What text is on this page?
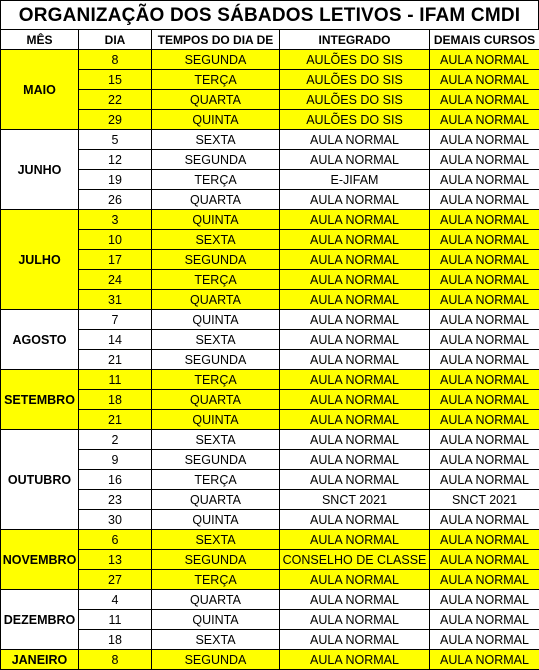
ORGANIZAÇÃO DOS SÁBADOS LETIVOS - IFAM CMDI
MÊS	DIA	TEMPOS DO DIA DE	INTEGRADO	DEMAIS CURSOS
MAIO	8	SEGUNDA	AULÕES DO SIS	AULA NORMAL
	15	TERÇA	AULÕES DO SIS	AULA NORMAL
	22	QUARTA	AULÕES DO SIS	AULA NORMAL
	29	QUINTA	AULÕES DO SIS	AULA NORMAL
JUNHO	5	SEXTA	AULA NORMAL	AULA NORMAL
	12	SEGUNDA	AULA NORMAL	AULA NORMAL
	19	TERÇA	E-JIFAM	AULA NORMAL
	26	QUARTA	AULA NORMAL	AULA NORMAL
JULHO	3	QUINTA	AULA NORMAL	AULA NORMAL
	10	SEXTA	AULA NORMAL	AULA NORMAL
	17	SEGUNDA	AULA NORMAL	AULA NORMAL
	24	TERÇA	AULA NORMAL	AULA NORMAL
	31	QUARTA	AULA NORMAL	AULA NORMAL
AGOSTO	7	QUINTA	AULA NORMAL	AULA NORMAL
	14	SEXTA	AULA NORMAL	AULA NORMAL
	21	SEGUNDA	AULA NORMAL	AULA NORMAL
SETEMBRO	11	TERÇA	AULA NORMAL	AULA NORMAL
	18	QUARTA	AULA NORMAL	AULA NORMAL
	21	QUINTA	AULA NORMAL	AULA NORMAL
OUTUBRO	2	SEXTA	AULA NORMAL	AULA NORMAL
	9	SEGUNDA	AULA NORMAL	AULA NORMAL
	16	TERÇA	AULA NORMAL	AULA NORMAL
	23	QUARTA	SNCT 2021	SNCT 2021
	30	QUINTA	AULA NORMAL	AULA NORMAL
NOVEMBRO	6	SEXTA	AULA NORMAL	AULA NORMAL
	13	SEGUNDA	CONSELHO DE CLASSE	AULA NORMAL
	27	TERÇA	AULA NORMAL	AULA NORMAL
DEZEMBRO	4	QUARTA	AULA NORMAL	AULA NORMAL
	11	QUINTA	AULA NORMAL	AULA NORMAL
	18	SEXTA	AULA NORMAL	AULA NORMAL
JANEIRO	8	SEGUNDA	AULA NORMAL	AULA NORMAL
